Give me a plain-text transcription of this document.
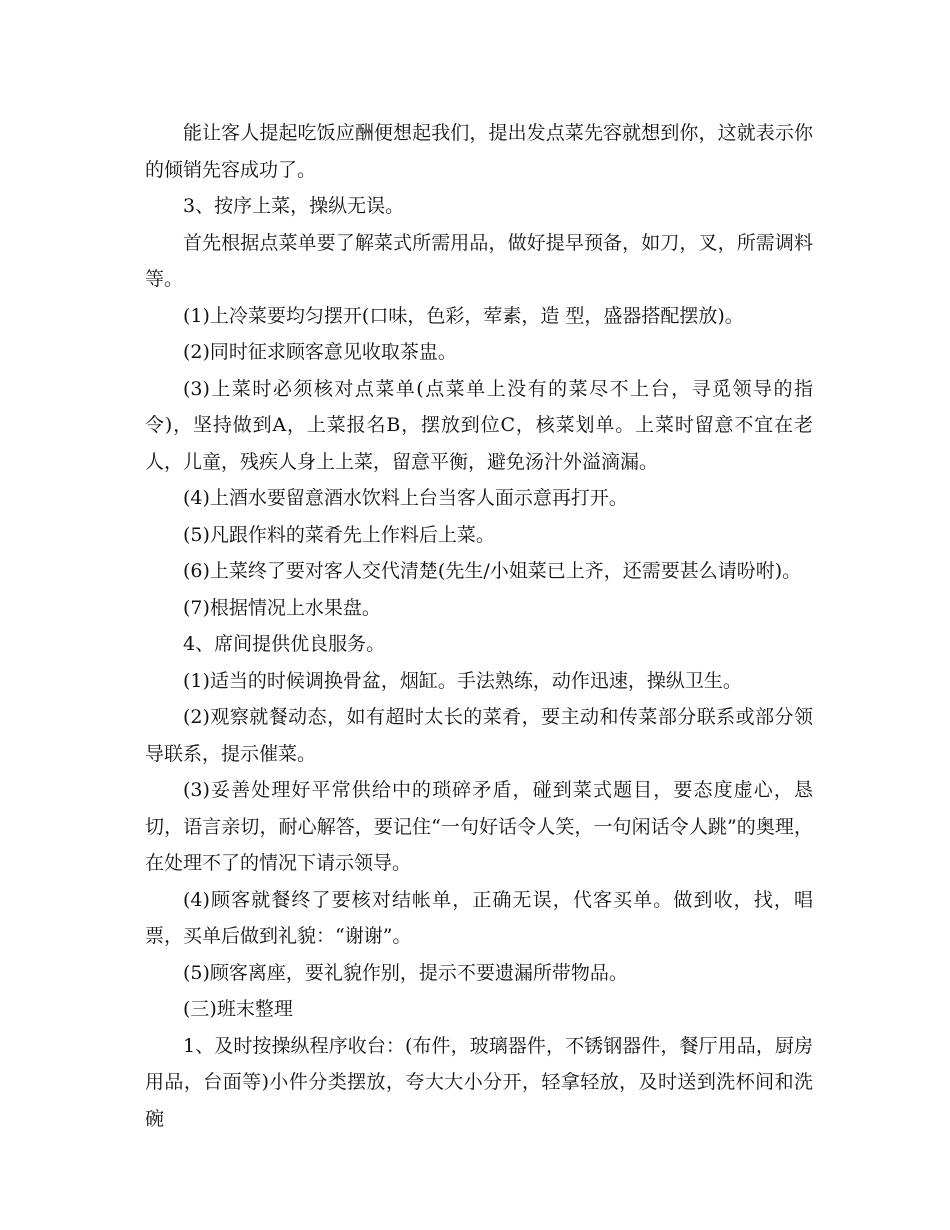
能让客人提起吃饭应酬便想起我们，提出发点菜先容就想到你，这就表示你的倾销先容成功了。

3、按序上菜，操纵无误。

首先根据点菜单要了解菜式所需用品，做好提早预备，如刀，叉，所需调料等。

(1)上冷菜要均匀摆开(口味，色彩，荤素，造 型，盛器搭配摆放)。

(2)同时征求顾客意见收取茶盅。

(3)上菜时必须核对点菜单(点菜单上没有的菜尽不上台，寻觅领导的指令)，坚持做到A，上菜报名B，摆放到位C，核菜划单。上菜时留意不宜在老人，儿童，残疾人身上上菜，留意平衡，避免汤汁外溢滴漏。

(4)上酒水要留意酒水饮料上台当客人面示意再打开。

(5)凡跟作料的菜肴先上作料后上菜。

(6)上菜终了要对客人交代清楚(先生/小姐菜已上齐，还需要甚么请吩咐)。

(7)根据情况上水果盘。

4、席间提供优良服务。

(1)适当的时候调换骨盆，烟缸。手法熟练，动作迅速，操纵卫生。

(2)观察就餐动态，如有超时太长的菜肴，要主动和传菜部分联系或部分领导联系，提示催菜。

(3)妥善处理好平常供给中的琐碎矛盾，碰到菜式题目，要态度虚心，恳切，语言亲切，耐心解答，要记住“一句好话令人笑，一句闲话令人跳”的奥理，在处理不了的情况下请示领导。

(4)顾客就餐终了要核对结帐单，正确无误，代客买单。做到收，找，唱票，买单后做到礼貌：“谢谢”。

(5)顾客离座，要礼貌作别，提示不要遗漏所带物品。

(三)班末整理

1、及时按操纵程序收台：(布件，玻璃器件，不锈钢器件，餐厅用品，厨房用品，台面等)小件分类摆放，夸大大小分开，轻拿轻放，及时送到洗杯间和洗碗
